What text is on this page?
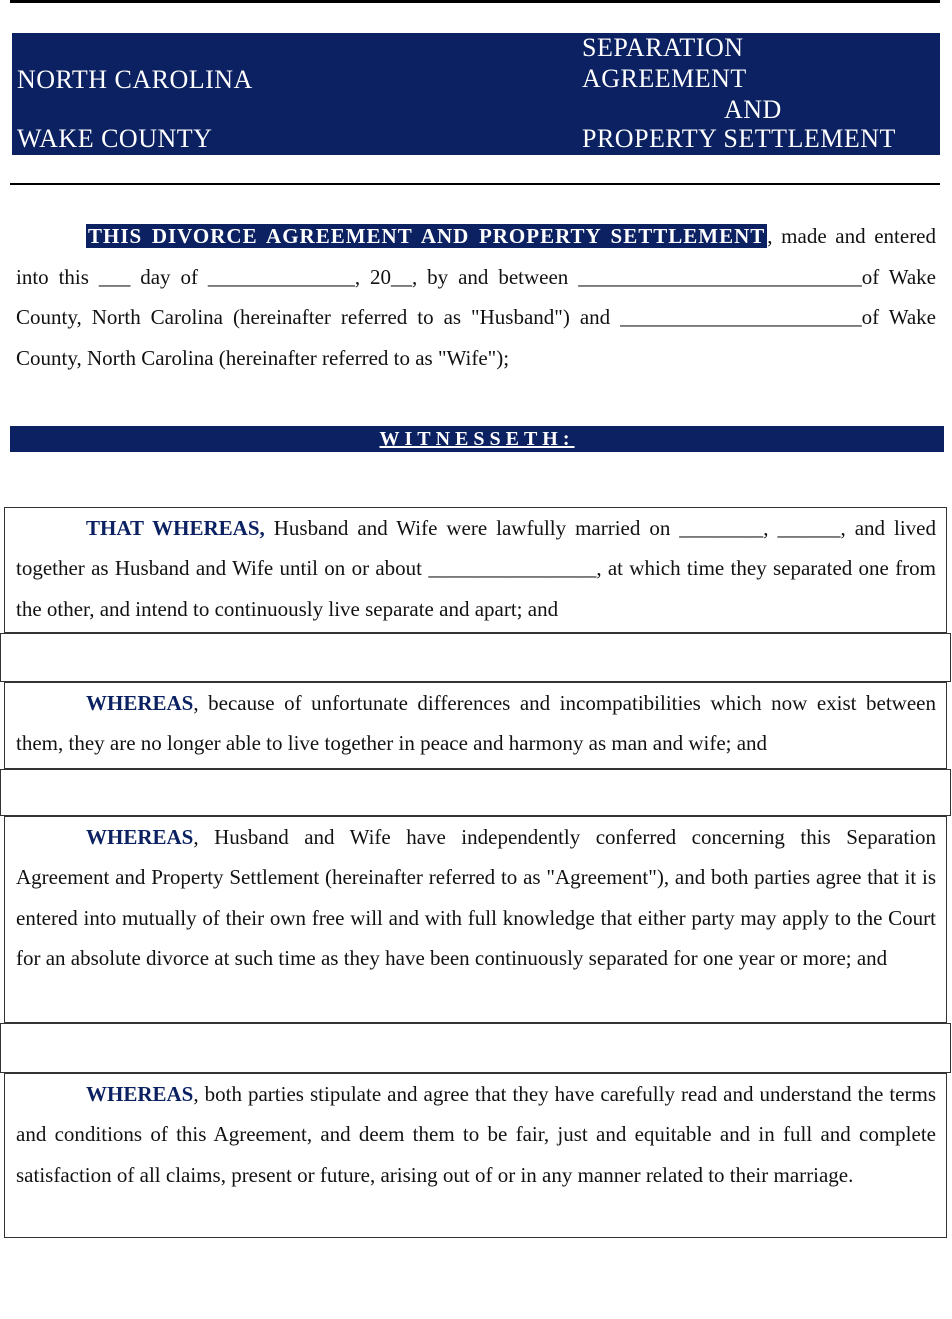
NORTH CAROLINA
WAKE COUNTY
SEPARATION
AGREEMENT
AND
PROPERTY SETTLEMENT

THIS DIVORCE AGREEMENT AND PROPERTY SETTLEMENT, made and entered into this ___ day of ______________, 20__, by and between ___________________________of Wake County, North Carolina (hereinafter referred to as "Husband") and _______________________of Wake County, North Carolina (hereinafter referred to as "Wife");

WITNESSETH:

THAT WHEREAS, Husband and Wife were lawfully married on ________, ______, and lived together as Husband and Wife until on or about ________________, at which time they separated one from the other, and intend to continuously live separate and apart; and

WHEREAS, because of unfortunate differences and incompatibilities which now exist between them, they are no longer able to live together in peace and harmony as man and wife; and

WHEREAS, Husband and Wife have independently conferred concerning this Separation Agreement and Property Settlement (hereinafter referred to as "Agreement"), and both parties agree that it is entered into mutually of their own free will and with full knowledge that either party may apply to the Court for an absolute divorce at such time as they have been continuously separated for one year or more; and

WHEREAS, both parties stipulate and agree that they have carefully read and understand the terms and conditions of this Agreement, and deem them to be fair, just and equitable and in full and complete satisfaction of all claims, present or future, arising out of or in any manner related to their marriage.
